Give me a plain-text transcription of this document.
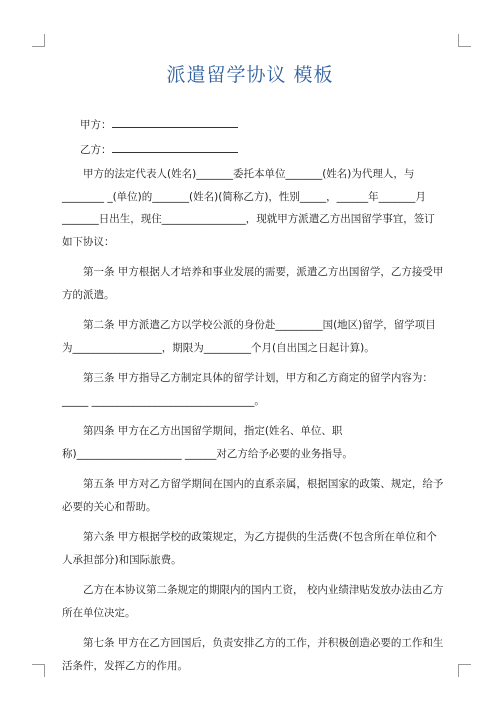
派遣留学协议 模板
甲方：
乙方：

甲方的法定代表人(姓名)_______委托本单位_______(姓名)为代理人，与________ _(单位)的_______(姓名)(简称乙方)，性别_____，______年_______月_______日出生，现住________________，现就甲方派遣乙方出国留学事宜，签订如下协议：

第一条 甲方根据人才培养和事业发展的需要，派遣乙方出国留学，乙方接受甲方的派遣。

第二条 甲方派遣乙方以学校公派的身份赴_________国(地区)留学，留学项目为_________________，期限为_________个月(自出国之日起计算)。

第三条 甲方指导乙方制定具体的留学计划，甲方和乙方商定的留学内容为：_____ _______________________________。

第四条 甲方在乙方出国留学期间，指定(姓名、单位、职称)____________________ ______对乙方给予必要的业务指导。

第五条 甲方对乙方留学期间在国内的直系亲属，根据国家的政策、规定，给予必要的关心和帮助。

第六条 甲方根据学校的政策规定，为乙方提供的生活费(不包含所在单位和个人承担部分)和国际旅费。

乙方在本协议第二条规定的期限内的国内工资， 校内业绩津贴发放办法由乙方所在单位决定。

第七条 甲方在乙方回国后，负责安排乙方的工作，并积极创造必要的工作和生活条件，发挥乙方的作用。
